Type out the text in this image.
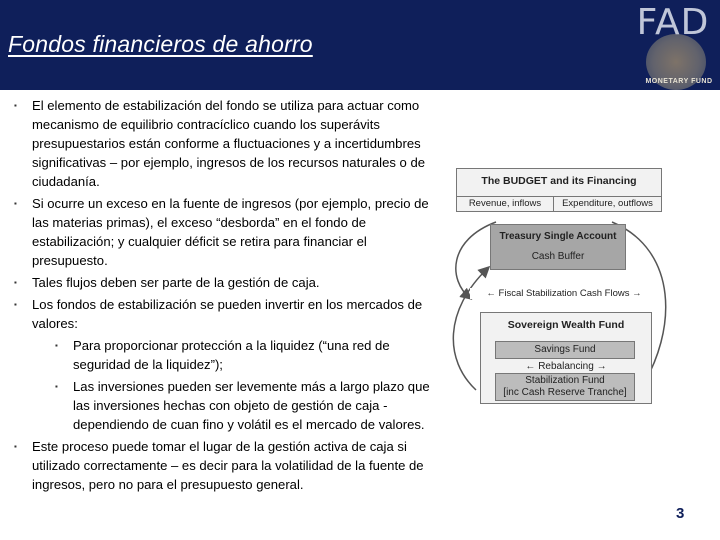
Fondos financieros de ahorro
FAD
MONETARY FUND
▪ El elemento de estabilización del fondo se utiliza para actuar como mecanismo de equilibrio contracíclico cuando los superávits presupuestarios están conforme a fluctuaciones y a incertidumbres significativas – por ejemplo, ingresos de los recursos naturales o de ciudadanía.
▪ Si ocurre un exceso en la fuente de ingresos (por ejemplo, precio de las materias primas), el exceso “desborda” en el fondo de estabilización; y cualquier déficit se retira para financiar el presupuesto.
▪ Tales flujos deben ser parte de la gestión de caja.
▪ Los fondos de estabilización se pueden invertir en los mercados de valores:
▪ Para proporcionar protección a la liquidez (“una red de seguridad de la liquidez”);
▪ Las inversiones pueden ser levemente más a largo plazo que las inversiones hechas con objeto de gestión de caja - dependiendo de cuan fino y volátil es el mercado de valores.
▪ Este proceso puede tomar el lugar de la gestión activa de caja si utilizado correctamente – es decir para la volatilidad de la fuente de ingresos, pero no para el presupuesto general.
The BUDGET and its Financing
Revenue, inflows	Expenditure, outflows
Treasury Single Account
Cash Buffer
← Fiscal Stabilization Cash Flows →
Sovereign Wealth Fund
Savings Fund
← Rebalancing →
Stabilization Fund
[inc Cash Reserve Tranche]
3
